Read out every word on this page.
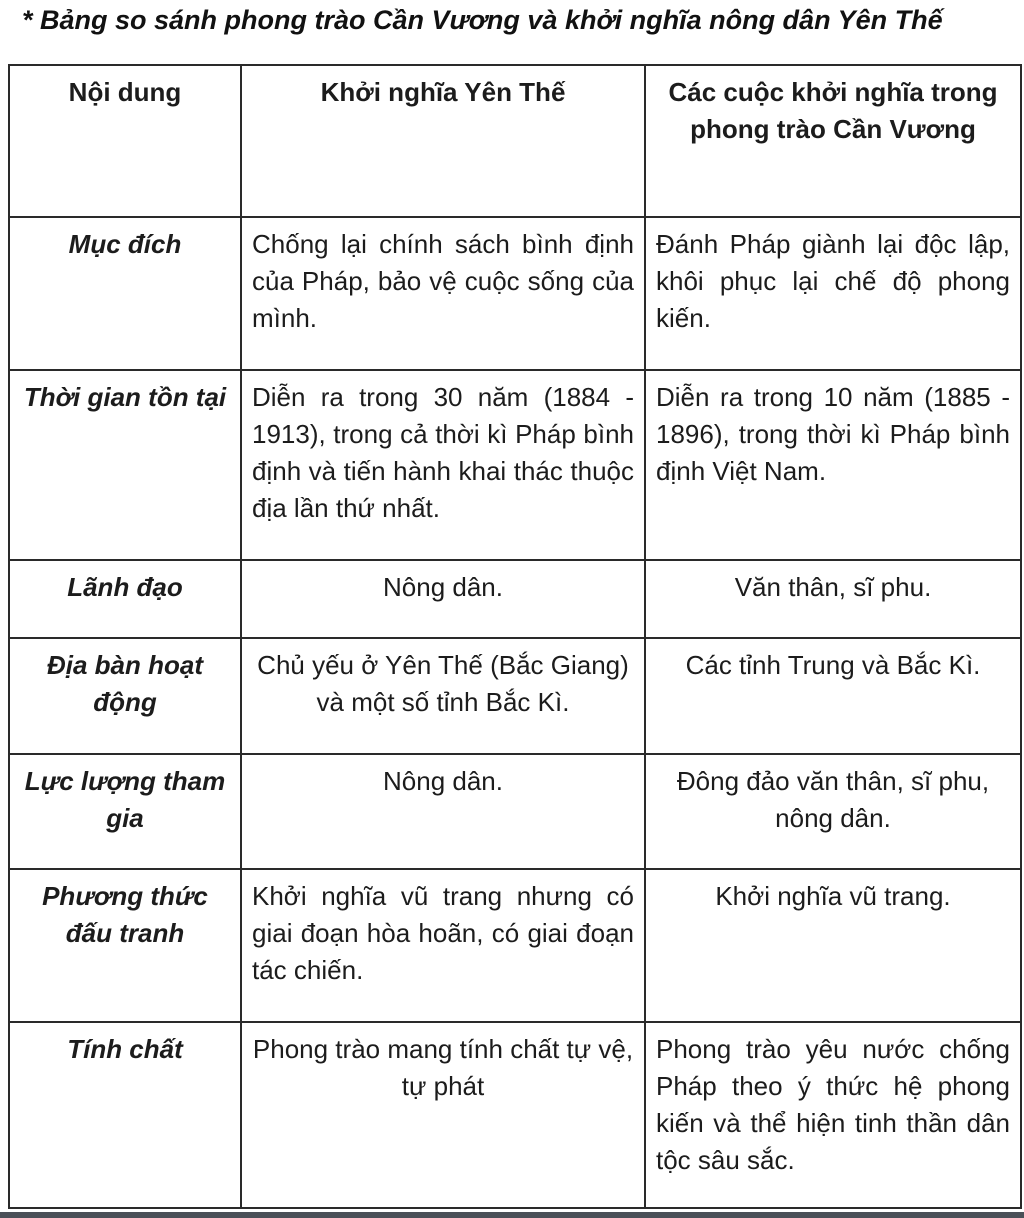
* Bảng so sánh phong trào Cần Vương và khởi nghĩa nông dân Yên Thế
Nội dung	Khởi nghĩa Yên Thế	Các cuộc khởi nghĩa trong phong trào Cần Vương
Mục đích	Chống lại chính sách bình định của Pháp, bảo vệ cuộc sống của mình.	Đánh Pháp giành lại độc lập, khôi phục lại chế độ phong kiến.
Thời gian tồn tại	Diễn ra trong 30 năm (1884 - 1913), trong cả thời kì Pháp bình định và tiến hành khai thác thuộc địa lần thứ nhất.	Diễn ra trong 10 năm (1885 - 1896), trong thời kì Pháp bình định Việt Nam.
Lãnh đạo	Nông dân.	Văn thân, sĩ phu.
Địa bàn hoạt động	Chủ yếu ở Yên Thế (Bắc Giang) và một số tỉnh Bắc Kì.	Các tỉnh Trung và Bắc Kì.
Lực lượng tham gia	Nông dân.	Đông đảo văn thân, sĩ phu, nông dân.
Phương thức đấu tranh	Khởi nghĩa vũ trang nhưng có giai đoạn hòa hoãn, có giai đoạn tác chiến.	Khởi nghĩa vũ trang.
Tính chất	Phong trào mang tính chất tự vệ, tự phát	Phong trào yêu nước chống Pháp theo ý thức hệ phong kiến và thể hiện tinh thần dân tộc sâu sắc.
